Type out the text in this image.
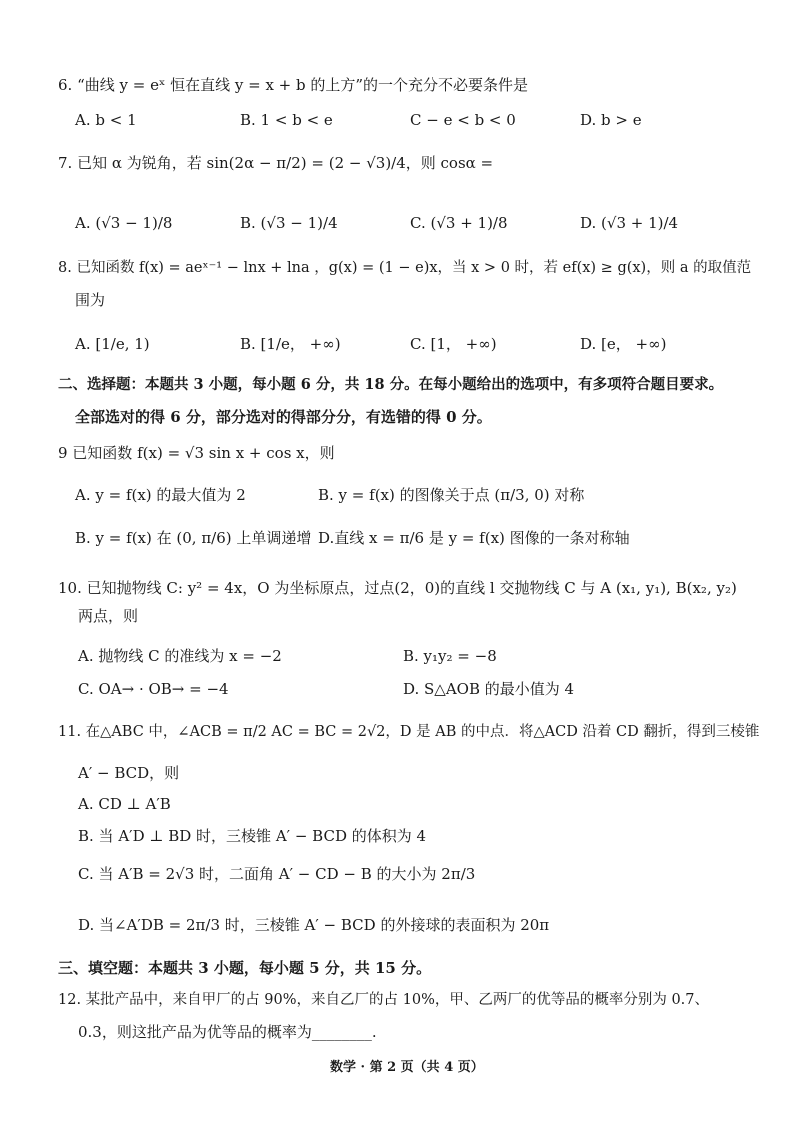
6. “曲线 y = eˣ 恒在直线 y = x + b 的上方”的一个充分不必要条件是
A. b < 1	B. 1 < b < e	C − e < b < 0	D. b > e
7. 已知 α 为锐角，若 sin(2α − π/2) = (2 − √3)/4，则 cosα =
A. (√3 − 1)/8	B. (√3 − 1)/4	C. (√3 + 1)/8	D. (√3 + 1)/4
8. 已知函数 f(x) = aeˣ⁻¹ − lnx + lna ，g(x) = (1 − e)x，当 x > 0 时，若 ef(x) ≥ g(x)，则 a 的取值范
围为
A. [1/e, 1)	B. [1/e， +∞)	C. [1， +∞)	D. [e， +∞)
二、选择题：本题共 3 小题，每小题 6 分，共 18 分。在每小题给出的选项中，有多项符合题目要求。
全部选对的得 6 分，部分选对的得部分分，有选错的得 0 分。
9 已知函数 f(x) = √3 sin x + cos x，则
A. y = f(x) 的最大值为 2	B. y = f(x) 的图像关于点 (π/3, 0) 对称
B. y = f(x) 在 (0, π/6) 上单调递增 D.直线 x = π/6 是 y = f(x) 图像的一条对称轴
10. 已知抛物线 C: y² = 4x，O 为坐标原点，过点(2，0)的直线 l 交抛物线 C 与 A (x₁, y₁), B(x₂, y₂)
两点，则
A. 抛物线 C 的准线为 x = −2	B. y₁y₂ = −8
C. OA→ · OB→ = −4	D. S△AOB 的最小值为 4
11. 在△ABC 中，∠ACB = π/2 AC = BC = 2√2，D 是 AB 的中点．将△ACD 沿着 CD 翻折，得到三棱锥
A′ − BCD，则
A. CD ⊥ A′B
B. 当 A′D ⊥ BD 时，三棱锥 A′ − BCD 的体积为 4
C. 当 A′B = 2√3 时，二面角 A′ − CD − B 的大小为 2π/3
D. 当∠A′DB = 2π/3 时，三棱锥 A′ − BCD 的外接球的表面积为 20π
三、填空题：本题共 3 小题，每小题 5 分，共 15 分。
12. 某批产品中，来自甲厂的占 90%，来自乙厂的占 10%，甲、乙两厂的优等品的概率分别为 0.7、
0.3，则这批产品为优等品的概率为________.
数学 · 第 2 页（共 4 页）
